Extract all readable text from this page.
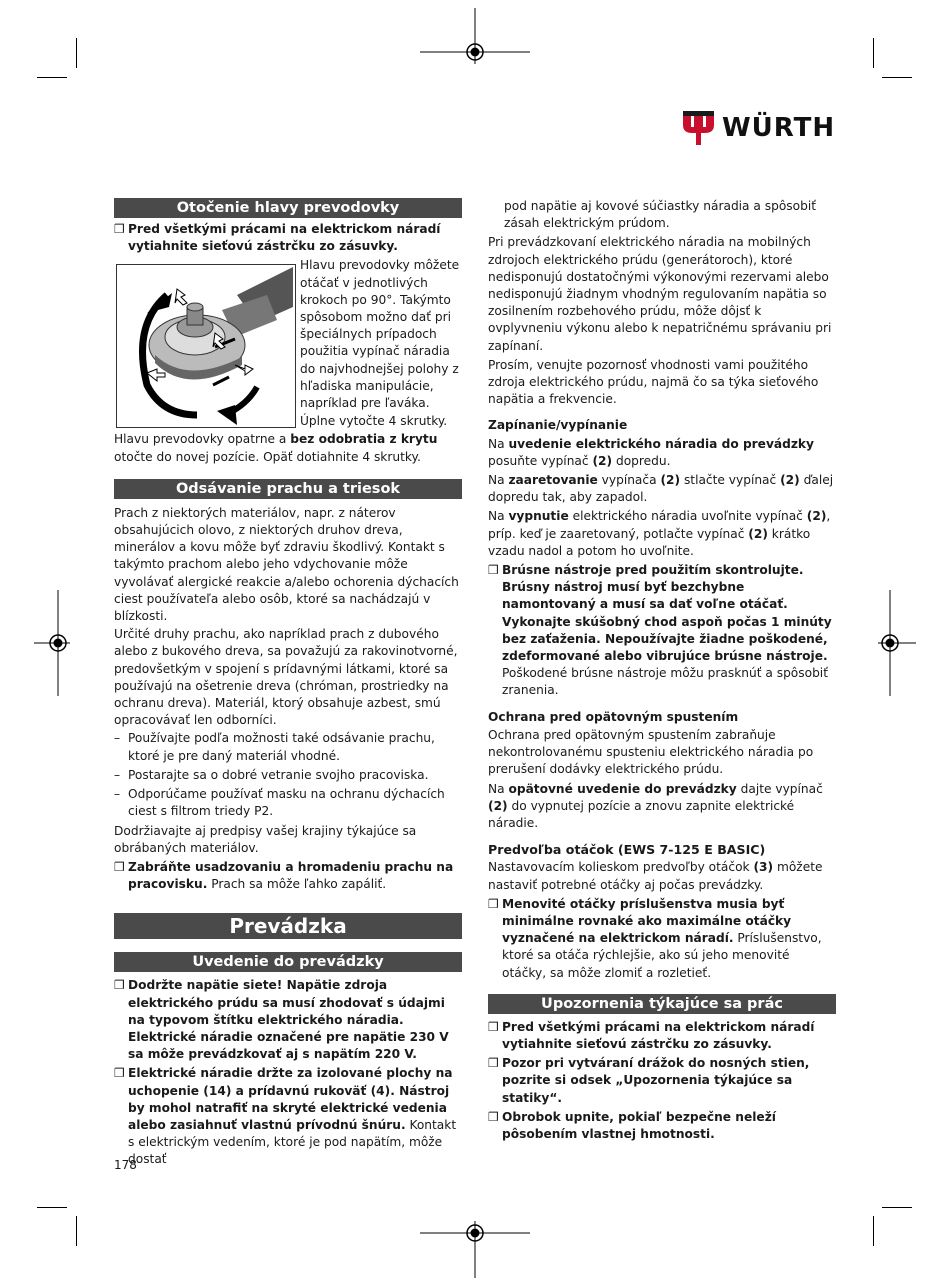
WÜRTH
Otočenie hlavy prevodovky
❒ Pred všetkými prácami na elektrickom náradí vytiahnite sieťovú zástrčku zo zásuvky.

Hlavu prevodovky môžete otáčať v jednotlivých krokoch po 90°. Takýmto spôsobom možno dať pri špeciálnych prípadoch použitia vypínač náradia do najvhodnejšej polohy z hľadiska manipulácie, napríklad pre ľaváka.

Úplne vytočte 4 skrutky.

Hlavu prevodovky opatrne a bez odobratia z krytu otočte do novej pozície. Opäť dotiahnite 4 skrutky.

Odsávanie prachu a triesok

Prach z niektorých materiálov, napr. z náterov obsahujúcich olovo, z niektorých druhov dreva, minerálov a kovu môže byť zdraviu škodlivý. Kontakt s takýmto prachom alebo jeho vdychovanie môže vyvolávať alergické reakcie a/alebo ochorenia dýchacích ciest používateľa alebo osôb, ktoré sa nachádzajú v blízkosti.

Určité druhy prachu, ako napríklad prach z dubového alebo z bukového dreva, sa považujú za rakovinotvorné, predovšetkým v spojení s prídavnými látkami, ktoré sa používajú na ošetrenie dreva (chróman, prostriedky na ochranu dreva). Materiál, ktorý obsahuje azbest, smú opracovávať len odborníci.

– Používajte podľa možnosti také odsávanie prachu, ktoré je pre daný materiál vhodné.
– Postarajte sa o dobré vetranie svojho pracoviska.
– Odporúčame používať masku na ochranu dýchacích ciest s filtrom triedy P2.

Dodržiavajte aj predpisy vašej krajiny týkajúce sa obrábaných materiálov.

❒ Zabráňte usadzovaniu a hromadeniu prachu na pracovisku. Prach sa môže ľahko zapáliť.
Prevádzka
Uvedenie do prevádzky
❒ Dodržte napätie siete! Napätie zdroja elektrického prúdu sa musí zhodovať s údajmi na typovom štítku elektrického náradia. Elektrické náradie označené pre napätie 230 V sa môže prevádzkovať aj s napätím 220 V.
❒ Elektrické náradie držte za izolované plochy na uchopenie (14) a prídavnú rukoväť (4). Nástroj by mohol natrafiť na skryté elektrické vedenia alebo zasiahnuť vlastnú prívodnú šnúru. Kontakt s elektrickým vedením, ktoré je pod napätím, môže dostať

pod napätie aj kovové súčiastky náradia a spôsobiť zásah elektrickým prúdom.

Pri prevádzkovaní elektrického náradia na mobilných zdrojoch elektrického prúdu (generátoroch), ktoré nedisponujú dostatočnými výkonovými rezervami alebo nedisponujú žiadnym vhodným regulovaním napätia so zosilnením rozbehového prúdu, môže dôjsť k ovplyvneniu výkonu alebo k nepatričnému správaniu pri zapínaní.

Prosím, venujte pozornosť vhodnosti vami použitého zdroja elektrického prúdu, najmä čo sa týka sieťového napätia a frekvencie.

Zapínanie/vypínanie

Na uvedenie elektrického náradia do prevádzky posuňte vypínač (2) dopredu.

Na zaaretovanie vypínača (2) stlačte vypínač (2) ďalej dopredu tak, aby zapadol.

Na vypnutie elektrického náradia uvoľnite vypínač (2), príp. keď je zaaretovaný, potlačte vypínač (2) krátko vzadu nadol a potom ho uvoľnite.

❒ Brúsne nástroje pred použitím skontrolujte. Brúsny nástroj musí byť bezchybne namontovaný a musí sa dať voľne otáčať. Vykonajte skúšobný chod aspoň počas 1 minúty bez zaťaženia. Nepoužívajte žiadne poškodené, zdeformované alebo vibrujúce brúsne nástroje. Poškodené brúsne nástroje môžu prasknúť a spôsobiť zranenia.
Ochrana pred opätovným spustením

Ochrana pred opätovným spustením zabraňuje nekontrolovanému spusteniu elektrického náradia po prerušení dodávky elektrického prúdu.

Na opätovné uvedenie do prevádzky dajte vypínač (2) do vypnutej pozície a znovu zapnite elektrické náradie.

Predvoľba otáčok (EWS 7-125 E BASIC)

Nastavovacím kolieskom predvoľby otáčok (3) môžete nastaviť potrebné otáčky aj počas prevádzky.

❒ Menovité otáčky príslušenstva musia byť minimálne rovnaké ako maximálne otáčky vyznačené na elektrickom náradí. Príslušenstvo, ktoré sa otáča rýchlejšie, ako sú jeho menovité otáčky, sa môže zlomiť a rozletieť.
Upozornenia týkajúce sa prác
❒ Pred všetkými prácami na elektrickom náradí vytiahnite sieťovú zástrčku zo zásuvky.
❒ Pozor pri vytváraní drážok do nosných stien, pozrite si odsek „Upozornenia týkajúce sa statiky“.
❒ Obrobok upnite, pokiaľ bezpečne neleží pôsobením vlastnej hmotnosti.
178
